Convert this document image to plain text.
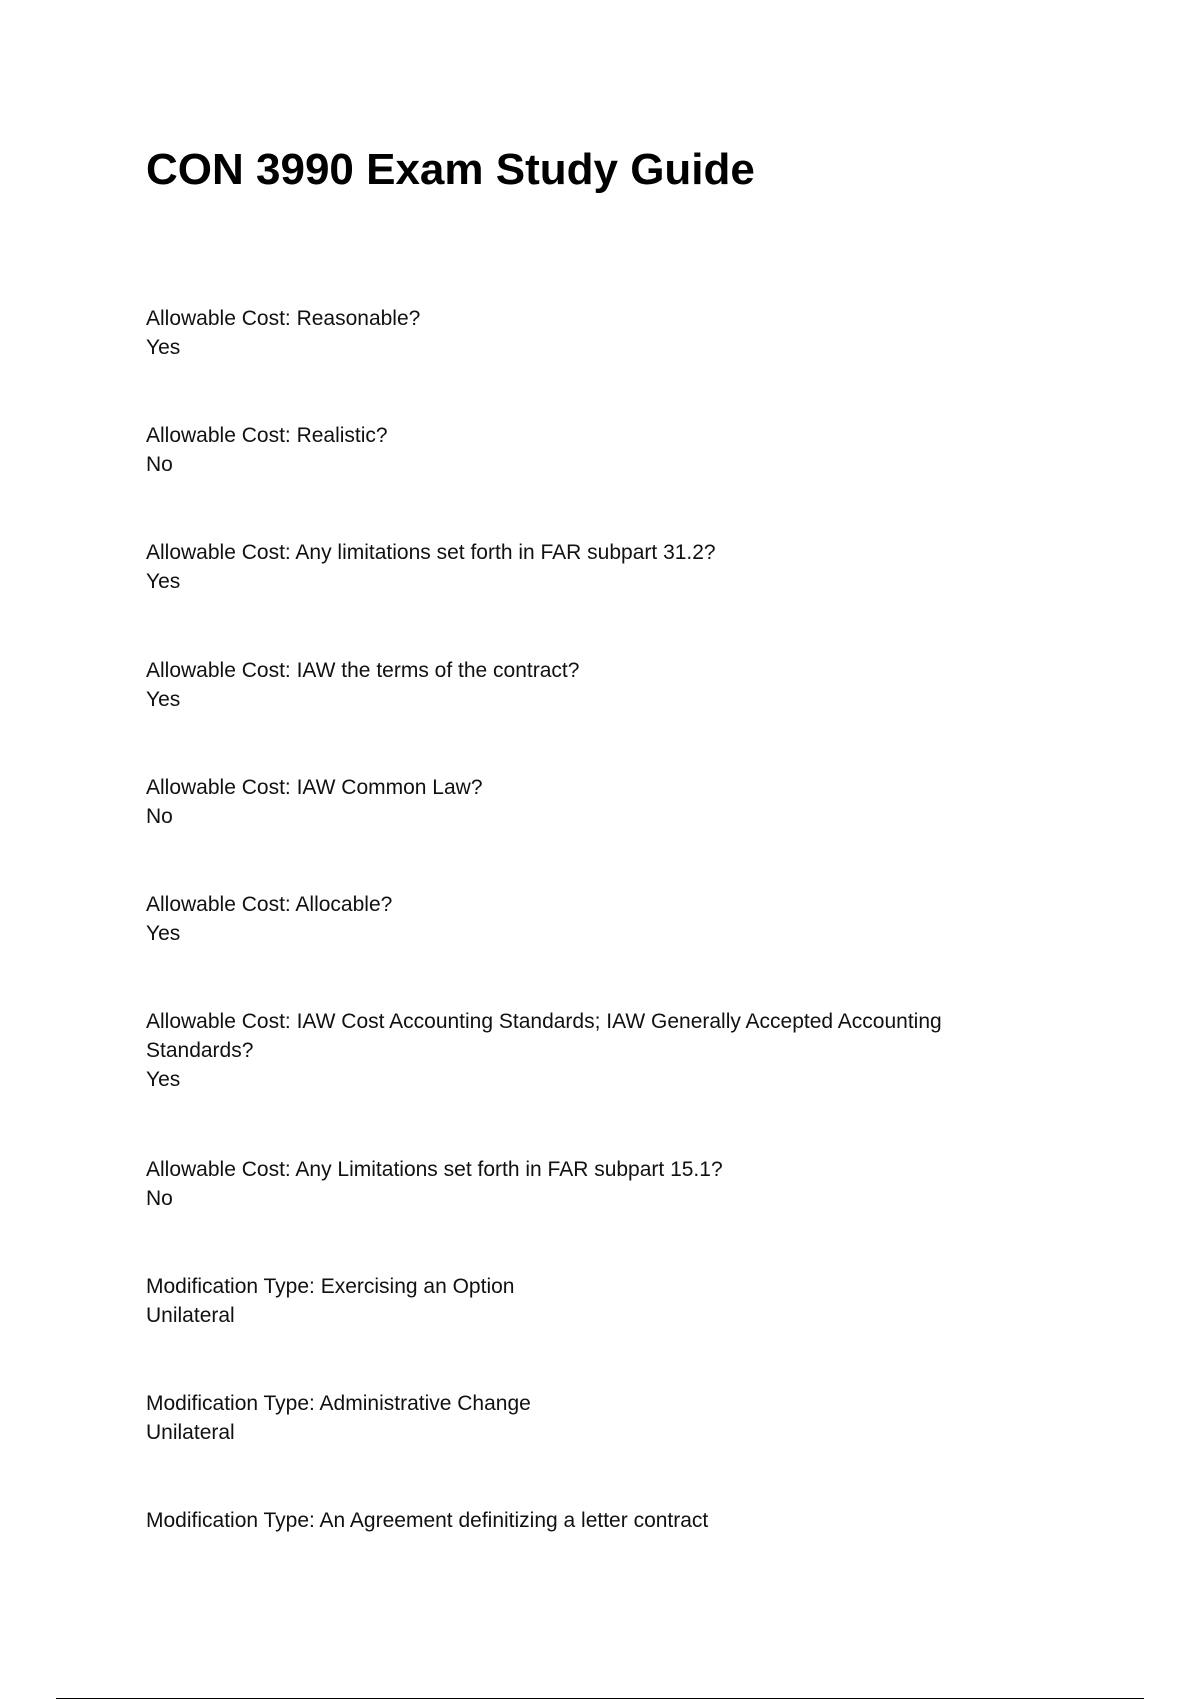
CON 3990 Exam Study Guide
Allowable Cost: Reasonable?
Yes
Allowable Cost: Realistic?
No
Allowable Cost: Any limitations set forth in FAR subpart 31.2?
Yes
Allowable Cost: IAW the terms of the contract?
Yes
Allowable Cost: IAW Common Law?
No
Allowable Cost: Allocable?
Yes
Allowable Cost: IAW Cost Accounting Standards; IAW Generally Accepted Accounting
Standards?
Yes
Allowable Cost: Any Limitations set forth in FAR subpart 15.1?
No
Modification Type: Exercising an Option
Unilateral
Modification Type: Administrative Change
Unilateral
Modification Type: An Agreement definitizing a letter contract
